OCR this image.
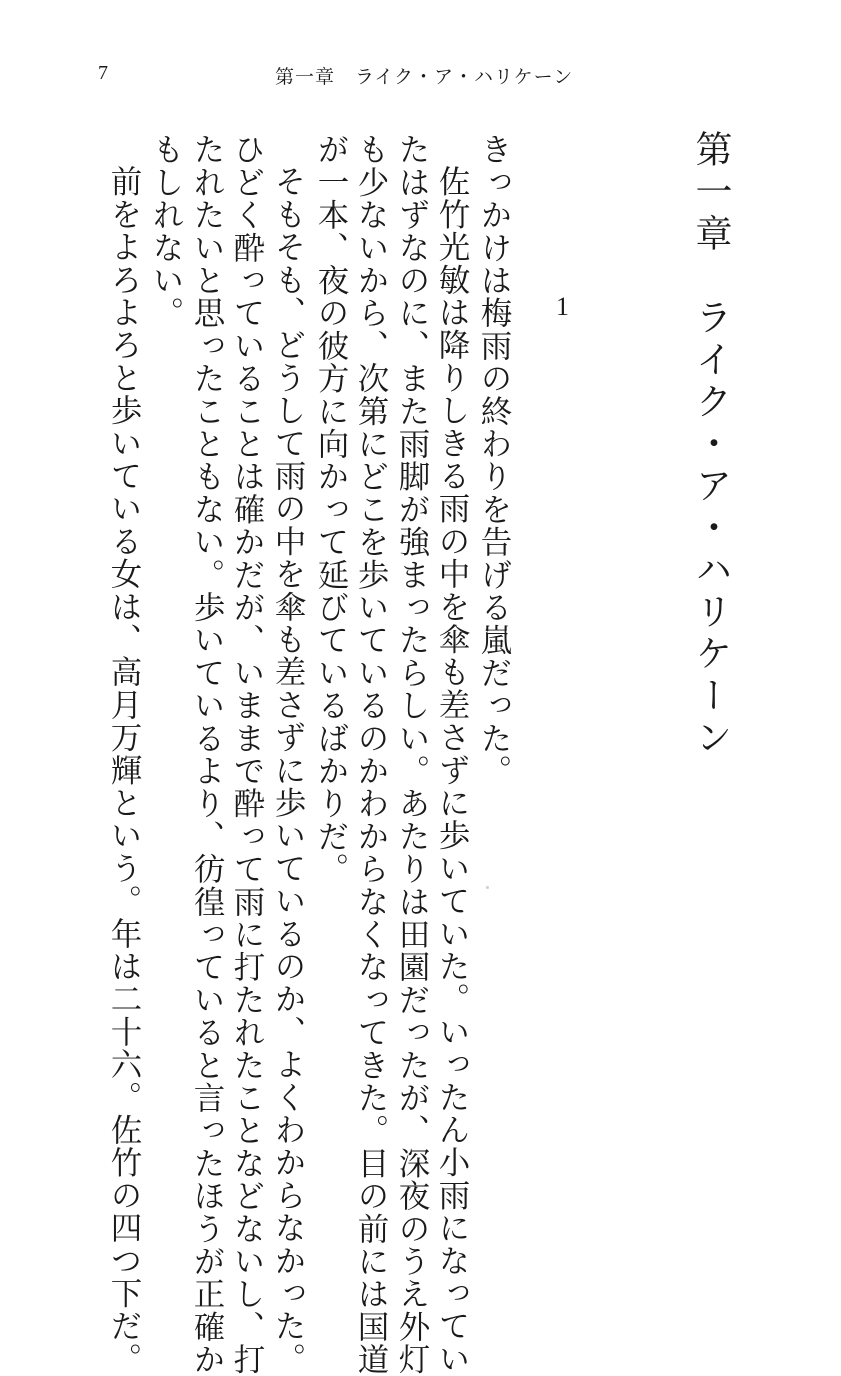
7	第一章　ライク・ア・ハリケーン
第一章　ライク・ア・ハリケーン
1
きっかけは梅雨の終わりを告げる嵐だった。
佐竹光敏は降りしきる雨の中を傘も差さずに歩いていた。いったん小雨になってい
たはずなのに、また雨脚が強まったらしい。あたりは田園だったが、深夜のうえ外灯
も少ないから、次第にどこを歩いているのかわからなくなってきた。目の前には国道
が一本、夜の彼方に向かって延びているばかりだ。
そもそも、どうして雨の中を傘も差さずに歩いているのか、よくわからなかった。
ひどく酔っていることは確かだが、いままで酔って雨に打たれたことなどないし、打
たれたいと思ったこともない。歩いているより、彷徨っていると言ったほうが正確か
もしれない。
前をよろよろと歩いている女は、高月万輝という。年は二十六。佐竹の四つ下だ。
